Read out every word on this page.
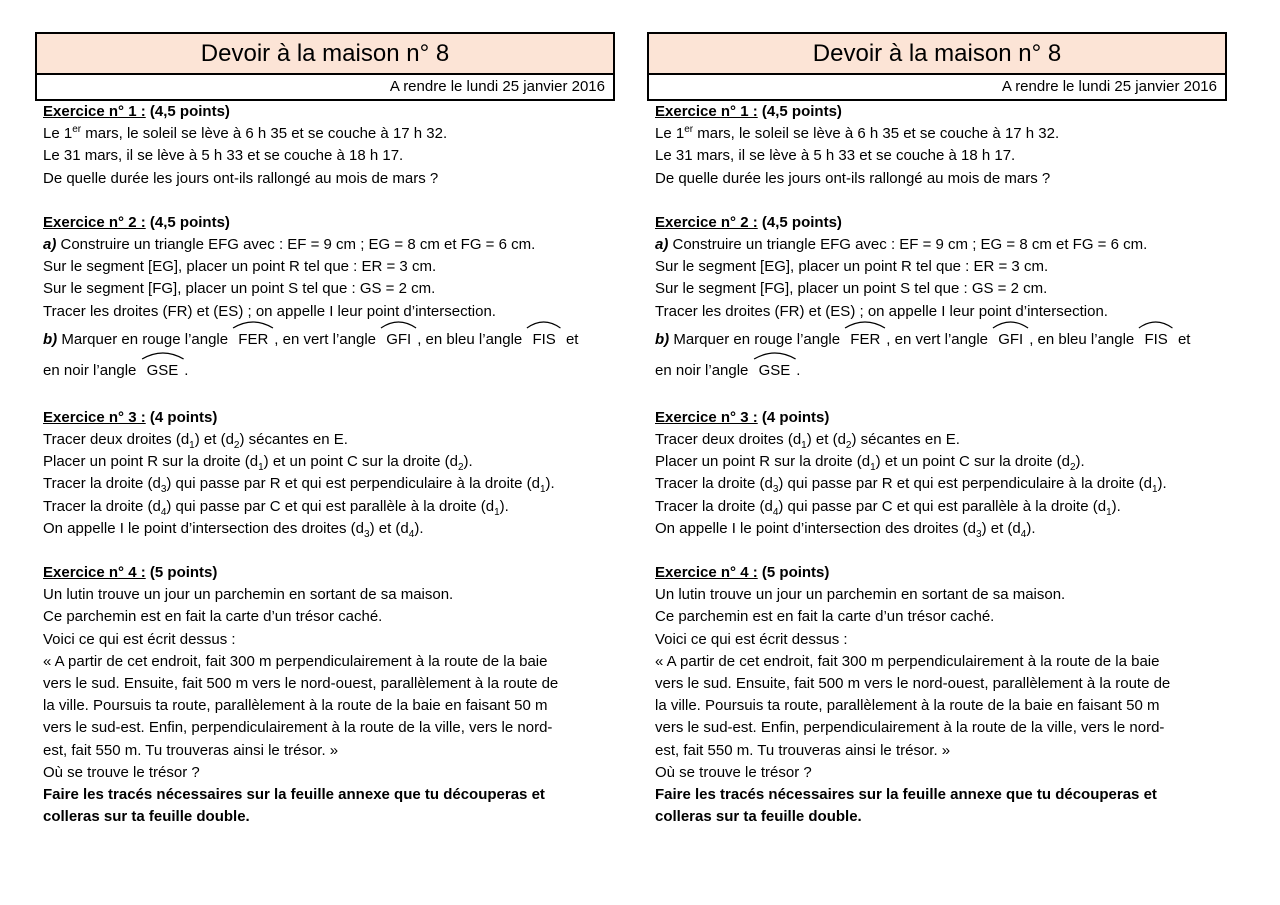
Devoir à la maison n° 8
A rendre le lundi 25 janvier 2016
Exercice n° 1 : (4,5 points)
Le 1er mars, le soleil se lève à 6 h 35 et se couche à 17 h 32.
Le 31 mars, il se lève à 5 h 33 et se couche à 18 h 17.
De quelle durée les jours ont-ils rallongé au mois de mars ?
Exercice n° 2 : (4,5 points)
a) Construire un triangle EFG avec : EF = 9 cm ; EG = 8 cm et FG = 6 cm.
Sur le segment [EG], placer un point R tel que : ER = 3 cm.
Sur le segment [FG], placer un point S tel que : GS = 2 cm.
Tracer les droites (FR) et (ES) ; on appelle I leur point d’intersection.
b) Marquer en rouge l’angle
FER , en vert l’angle
GFI , en bleu l’angle
FIS et
en noir l’angle
GSE .
Exercice n° 3 : (4 points)
Tracer deux droites $(d_1)$ et $(d_2)$ sécantes en E.
Placer un point R sur la droite $(d_1)$ et un point C sur la droite $(d_2)$.
Tracer la droite $(d_3)$ qui passe par R et qui est perpendiculaire à la droite $(d_1)$.
Tracer la droite $(d_4)$ qui passe par C et qui est parallèle à la droite $(d_1)$.
On appelle I le point d’intersection des droites $(d_3)$ et $(d_4)$.
Exercice n° 4 : (5 points)
Un lutin trouve un jour un parchemin en sortant de sa maison.
Ce parchemin est en fait la carte d’un trésor caché.
Voici ce qui est écrit dessus :
« A partir de cet endroit, fait 300 m perpendiculairement à la route de la baie
vers le sud. Ensuite, fait 500 m vers le nord-ouest, parallèlement à la route de
la ville. Poursuis ta route, parallèlement à la route de la baie en faisant 50 m
vers le sud-est. Enfin, perpendiculairement à la route de la ville, vers le nord-
est, fait 550 m. Tu trouveras ainsi le trésor. »
Où se trouve le trésor ?
Faire les tracés nécessaires sur la feuille annexe que tu découperas et
colleras sur ta feuille double.
Devoir à la maison n° 8
A rendre le lundi 25 janvier 2016
Exercice n° 1 : (4,5 points)
Le 1er mars, le soleil se lève à 6 h 35 et se couche à 17 h 32.
Le 31 mars, il se lève à 5 h 33 et se couche à 18 h 17.
De quelle durée les jours ont-ils rallongé au mois de mars ?
Exercice n° 2 : (4,5 points)
a) Construire un triangle EFG avec : EF = 9 cm ; EG = 8 cm et FG = 6 cm.
Sur le segment [EG], placer un point R tel que : ER = 3 cm.
Sur le segment [FG], placer un point S tel que : GS = 2 cm.
Tracer les droites (FR) et (ES) ; on appelle I leur point d’intersection.
b) Marquer en rouge l’angle
FER , en vert l’angle
GFI , en bleu l’angle
FIS et
en noir l’angle
GSE .
Exercice n° 3 : (4 points)
Tracer deux droites $(d_1)$ et $(d_2)$ sécantes en E.
Placer un point R sur la droite $(d_1)$ et un point C sur la droite $(d_2)$.
Tracer la droite $(d_3)$ qui passe par R et qui est perpendiculaire à la droite $(d_1)$.
Tracer la droite $(d_4)$ qui passe par C et qui est parallèle à la droite $(d_1)$.
On appelle I le point d’intersection des droites $(d_3)$ et $(d_4)$.
Exercice n° 4 : (5 points)
Un lutin trouve un jour un parchemin en sortant de sa maison.
Ce parchemin est en fait la carte d’un trésor caché.
Voici ce qui est écrit dessus :
« A partir de cet endroit, fait 300 m perpendiculairement à la route de la baie
vers le sud. Ensuite, fait 500 m vers le nord-ouest, parallèlement à la route de
la ville. Poursuis ta route, parallèlement à la route de la baie en faisant 50 m
vers le sud-est. Enfin, perpendiculairement à la route de la ville, vers le nord-
est, fait 550 m. Tu trouveras ainsi le trésor. »
Où se trouve le trésor ?
Faire les tracés nécessaires sur la feuille annexe que tu découperas et
colleras sur ta feuille double.
